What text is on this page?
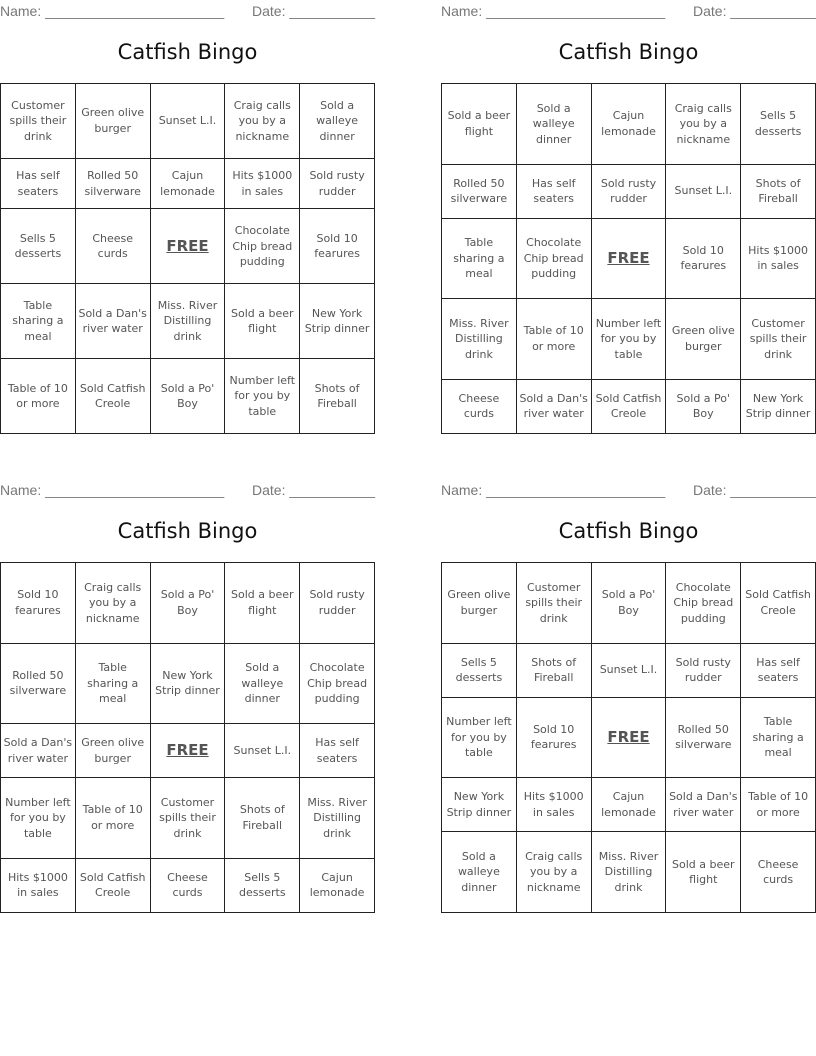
Name: _______________________ Date: ___________
Catfish Bingo
Customer spills their drink	Green olive burger	Sunset L.I.	Craig calls you by a nickname	Sold a walleye dinner
Has self seaters	Rolled 50 silverware	Cajun lemonade	Hits $1000 in sales	Sold rusty rudder
Sells 5 desserts	Cheese curds	FREE	Chocolate Chip bread pudding	Sold 10 fearures
Table sharing a meal	Sold a Dan's river water	Miss. River Distilling drink	Sold a beer flight	New York Strip dinner
Table of 10 or more	Sold Catfish Creole	Sold a Po' Boy	Number left for you by table	Shots of Fireball
Name: _______________________ Date: ___________
Catfish Bingo
Sold a beer flight	Sold a walleye dinner	Cajun lemonade	Craig calls you by a nickname	Sells 5 desserts
Rolled 50 silverware	Has self seaters	Sold rusty rudder	Sunset L.I.	Shots of Fireball
Table sharing a meal	Chocolate Chip bread pudding	FREE	Sold 10 fearures	Hits $1000 in sales
Miss. River Distilling drink	Table of 10 or more	Number left for you by table	Green olive burger	Customer spills their drink
Cheese curds	Sold a Dan's river water	Sold Catfish Creole	Sold a Po' Boy	New York Strip dinner
Name: _______________________ Date: ___________
Catfish Bingo
Sold 10 fearures	Craig calls you by a nickname	Sold a Po' Boy	Sold a beer flight	Sold rusty rudder
Rolled 50 silverware	Table sharing a meal	New York Strip dinner	Sold a walleye dinner	Chocolate Chip bread pudding
Sold a Dan's river water	Green olive burger	FREE	Sunset L.I.	Has self seaters
Number left for you by table	Table of 10 or more	Customer spills their drink	Shots of Fireball	Miss. River Distilling drink
Hits $1000 in sales	Sold Catfish Creole	Cheese curds	Sells 5 desserts	Cajun lemonade
Name: _______________________ Date: ___________
Catfish Bingo
Green olive burger	Customer spills their drink	Sold a Po' Boy	Chocolate Chip bread pudding	Sold Catfish Creole
Sells 5 desserts	Shots of Fireball	Sunset L.I.	Sold rusty rudder	Has self seaters
Number left for you by table	Sold 10 fearures	FREE	Rolled 50 silverware	Table sharing a meal
New York Strip dinner	Hits $1000 in sales	Cajun lemonade	Sold a Dan's river water	Table of 10 or more
Sold a walleye dinner	Craig calls you by a nickname	Miss. River Distilling drink	Sold a beer flight	Cheese curds
